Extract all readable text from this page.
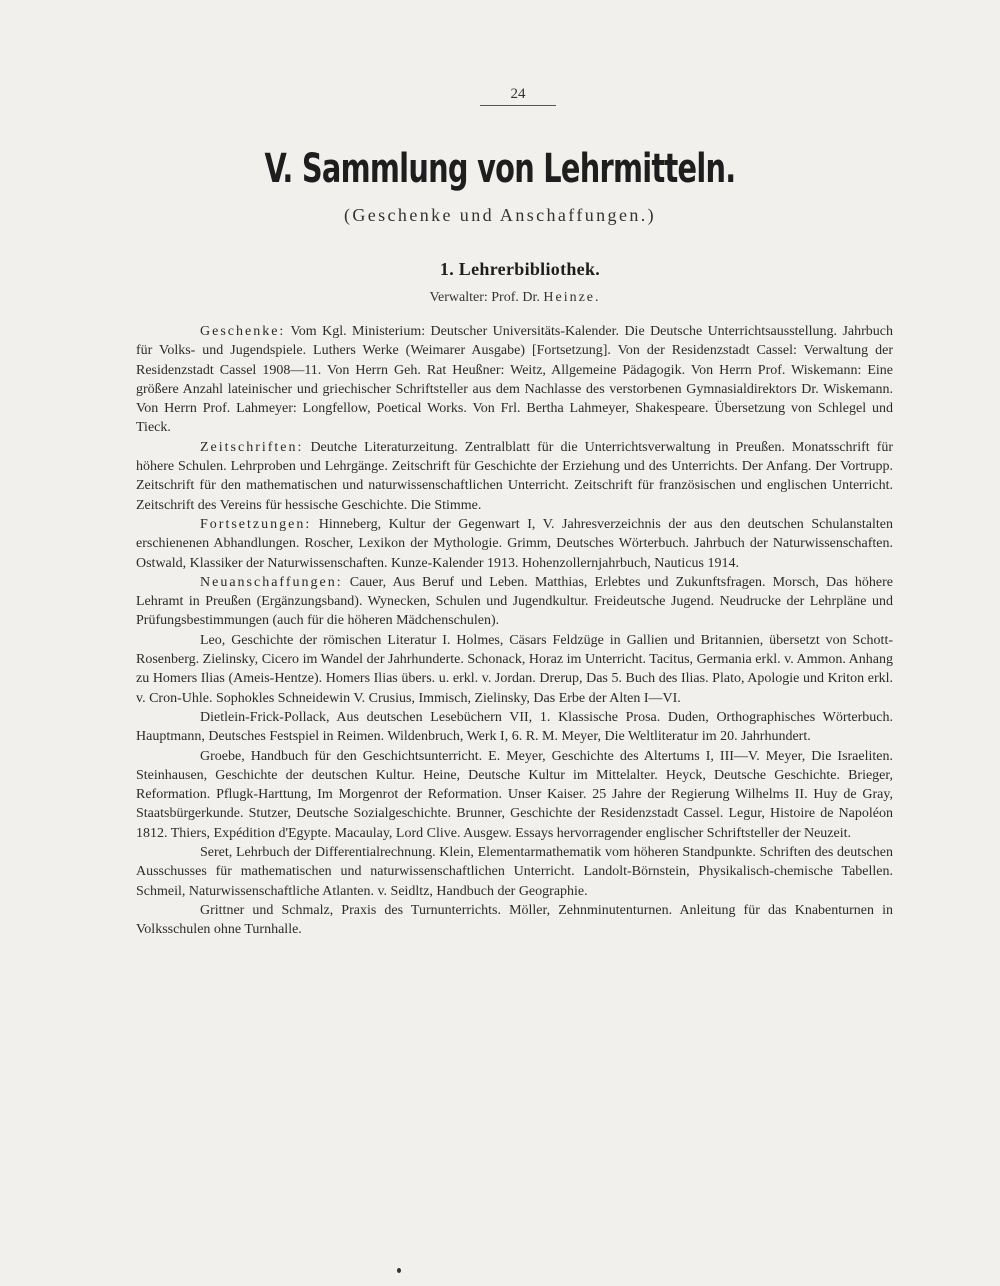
24
V. Sammlung von Lehrmitteln.
(Geschenke und Anschaffungen.)
1. Lehrerbibliothek.
Verwalter: Prof. Dr. Heinze.

Geschenke: Vom Kgl. Ministerium: Deutscher Universitäts-Kalender. Die Deutsche Unterrichtsausstellung. Jahrbuch für Volks- und Jugendspiele. Luthers Werke (Weimarer Ausgabe) [Fortsetzung]. Von der Residenzstadt Cassel: Verwaltung der Residenzstadt Cassel 1908—11. Von Herrn Geh. Rat Heußner: Weitz, Allgemeine Pädagogik. Von Herrn Prof. Wiskemann: Eine größere Anzahl lateinischer und griechischer Schriftsteller aus dem Nachlasse des verstorbenen Gymnasialdirektors Dr. Wiskemann. Von Herrn Prof. Lahmeyer: Longfellow, Poetical Works. Von Frl. Bertha Lahmeyer, Shakespeare. Übersetzung von Schlegel und Tieck.

Zeitschriften: Deutche Literaturzeitung. Zentralblatt für die Unterrichtsverwaltung in Preußen. Monatsschrift für höhere Schulen. Lehrproben und Lehrgänge. Zeitschrift für Geschichte der Erziehung und des Unterrichts. Der Anfang. Der Vortrupp. Zeitschrift für den mathematischen und naturwissenschaftlichen Unterricht. Zeitschrift für französischen und englischen Unterricht. Zeitschrift des Vereins für hessische Geschichte. Die Stimme.

Fortsetzungen: Hinneberg, Kultur der Gegenwart I, V. Jahresverzeichnis der aus den deutschen Schulanstalten erschienenen Abhandlungen. Roscher, Lexikon der Mythologie. Grimm, Deutsches Wörterbuch. Jahrbuch der Naturwissenschaften. Ostwald, Klassiker der Naturwissenschaften. Kunze-Kalender 1913. Hohenzollernjahrbuch, Nauticus 1914.

Neuanschaffungen: Cauer, Aus Beruf und Leben. Matthias, Erlebtes und Zukunftsfragen. Morsch, Das höhere Lehramt in Preußen (Ergänzungsband). Wynecken, Schulen und Jugendkultur. Freideutsche Jugend. Neudrucke der Lehrpläne und Prüfungsbestimmungen (auch für die höheren Mädchenschulen).

Leo, Geschichte der römischen Literatur I. Holmes, Cäsars Feldzüge in Gallien und Britannien, übersetzt von Schott-Rosenberg. Zielinsky, Cicero im Wandel der Jahrhunderte. Schonack, Horaz im Unterricht. Tacitus, Germania erkl. v. Ammon. Anhang zu Homers Ilias (Ameis-Hentze). Homers Ilias übers. u. erkl. v. Jordan. Drerup, Das 5. Buch des Ilias. Plato, Apologie und Kriton erkl. v. Cron-Uhle. Sophokles Schneidewin V. Crusius, Immisch, Zielinsky, Das Erbe der Alten I—VI.

Dietlein-Frick-Pollack, Aus deutschen Lesebüchern VII, 1. Klassische Prosa. Duden, Orthographisches Wörterbuch. Hauptmann, Deutsches Festspiel in Reimen. Wildenbruch, Werk I, 6. R. M. Meyer, Die Weltliteratur im 20. Jahrhundert.

Groebe, Handbuch für den Geschichtsunterricht. E. Meyer, Geschichte des Altertums I, III—V. Meyer, Die Israeliten. Steinhausen, Geschichte der deutschen Kultur. Heine, Deutsche Kultur im Mittelalter. Heyck, Deutsche Geschichte. Brieger, Reformation. Pflugk-Harttung, Im Morgenrot der Reformation. Unser Kaiser. 25 Jahre der Regierung Wilhelms II. Huy de Gray, Staatsbürgerkunde. Stutzer, Deutsche Sozialgeschichte. Brunner, Geschichte der Residenzstadt Cassel. Legur, Histoire de Napoléon 1812. Thiers, Expédition d'Egypte. Macaulay, Lord Clive. Ausgew. Essays hervorragender englischer Schriftsteller der Neuzeit.

Seret, Lehrbuch der Differentialrechnung. Klein, Elementarmathematik vom höheren Standpunkte. Schriften des deutschen Ausschusses für mathematischen und naturwissenschaftlichen Unterricht. Landolt-Börnstein, Physikalisch-chemische Tabellen. Schmeil, Naturwissenschaftliche Atlanten. v. Seidltz, Handbuch der Geographie.

Grittner und Schmalz, Praxis des Turnunterrichts. Möller, Zehnminutenturnen. Anleitung für das Knabenturnen in Volksschulen ohne Turnhalle.
